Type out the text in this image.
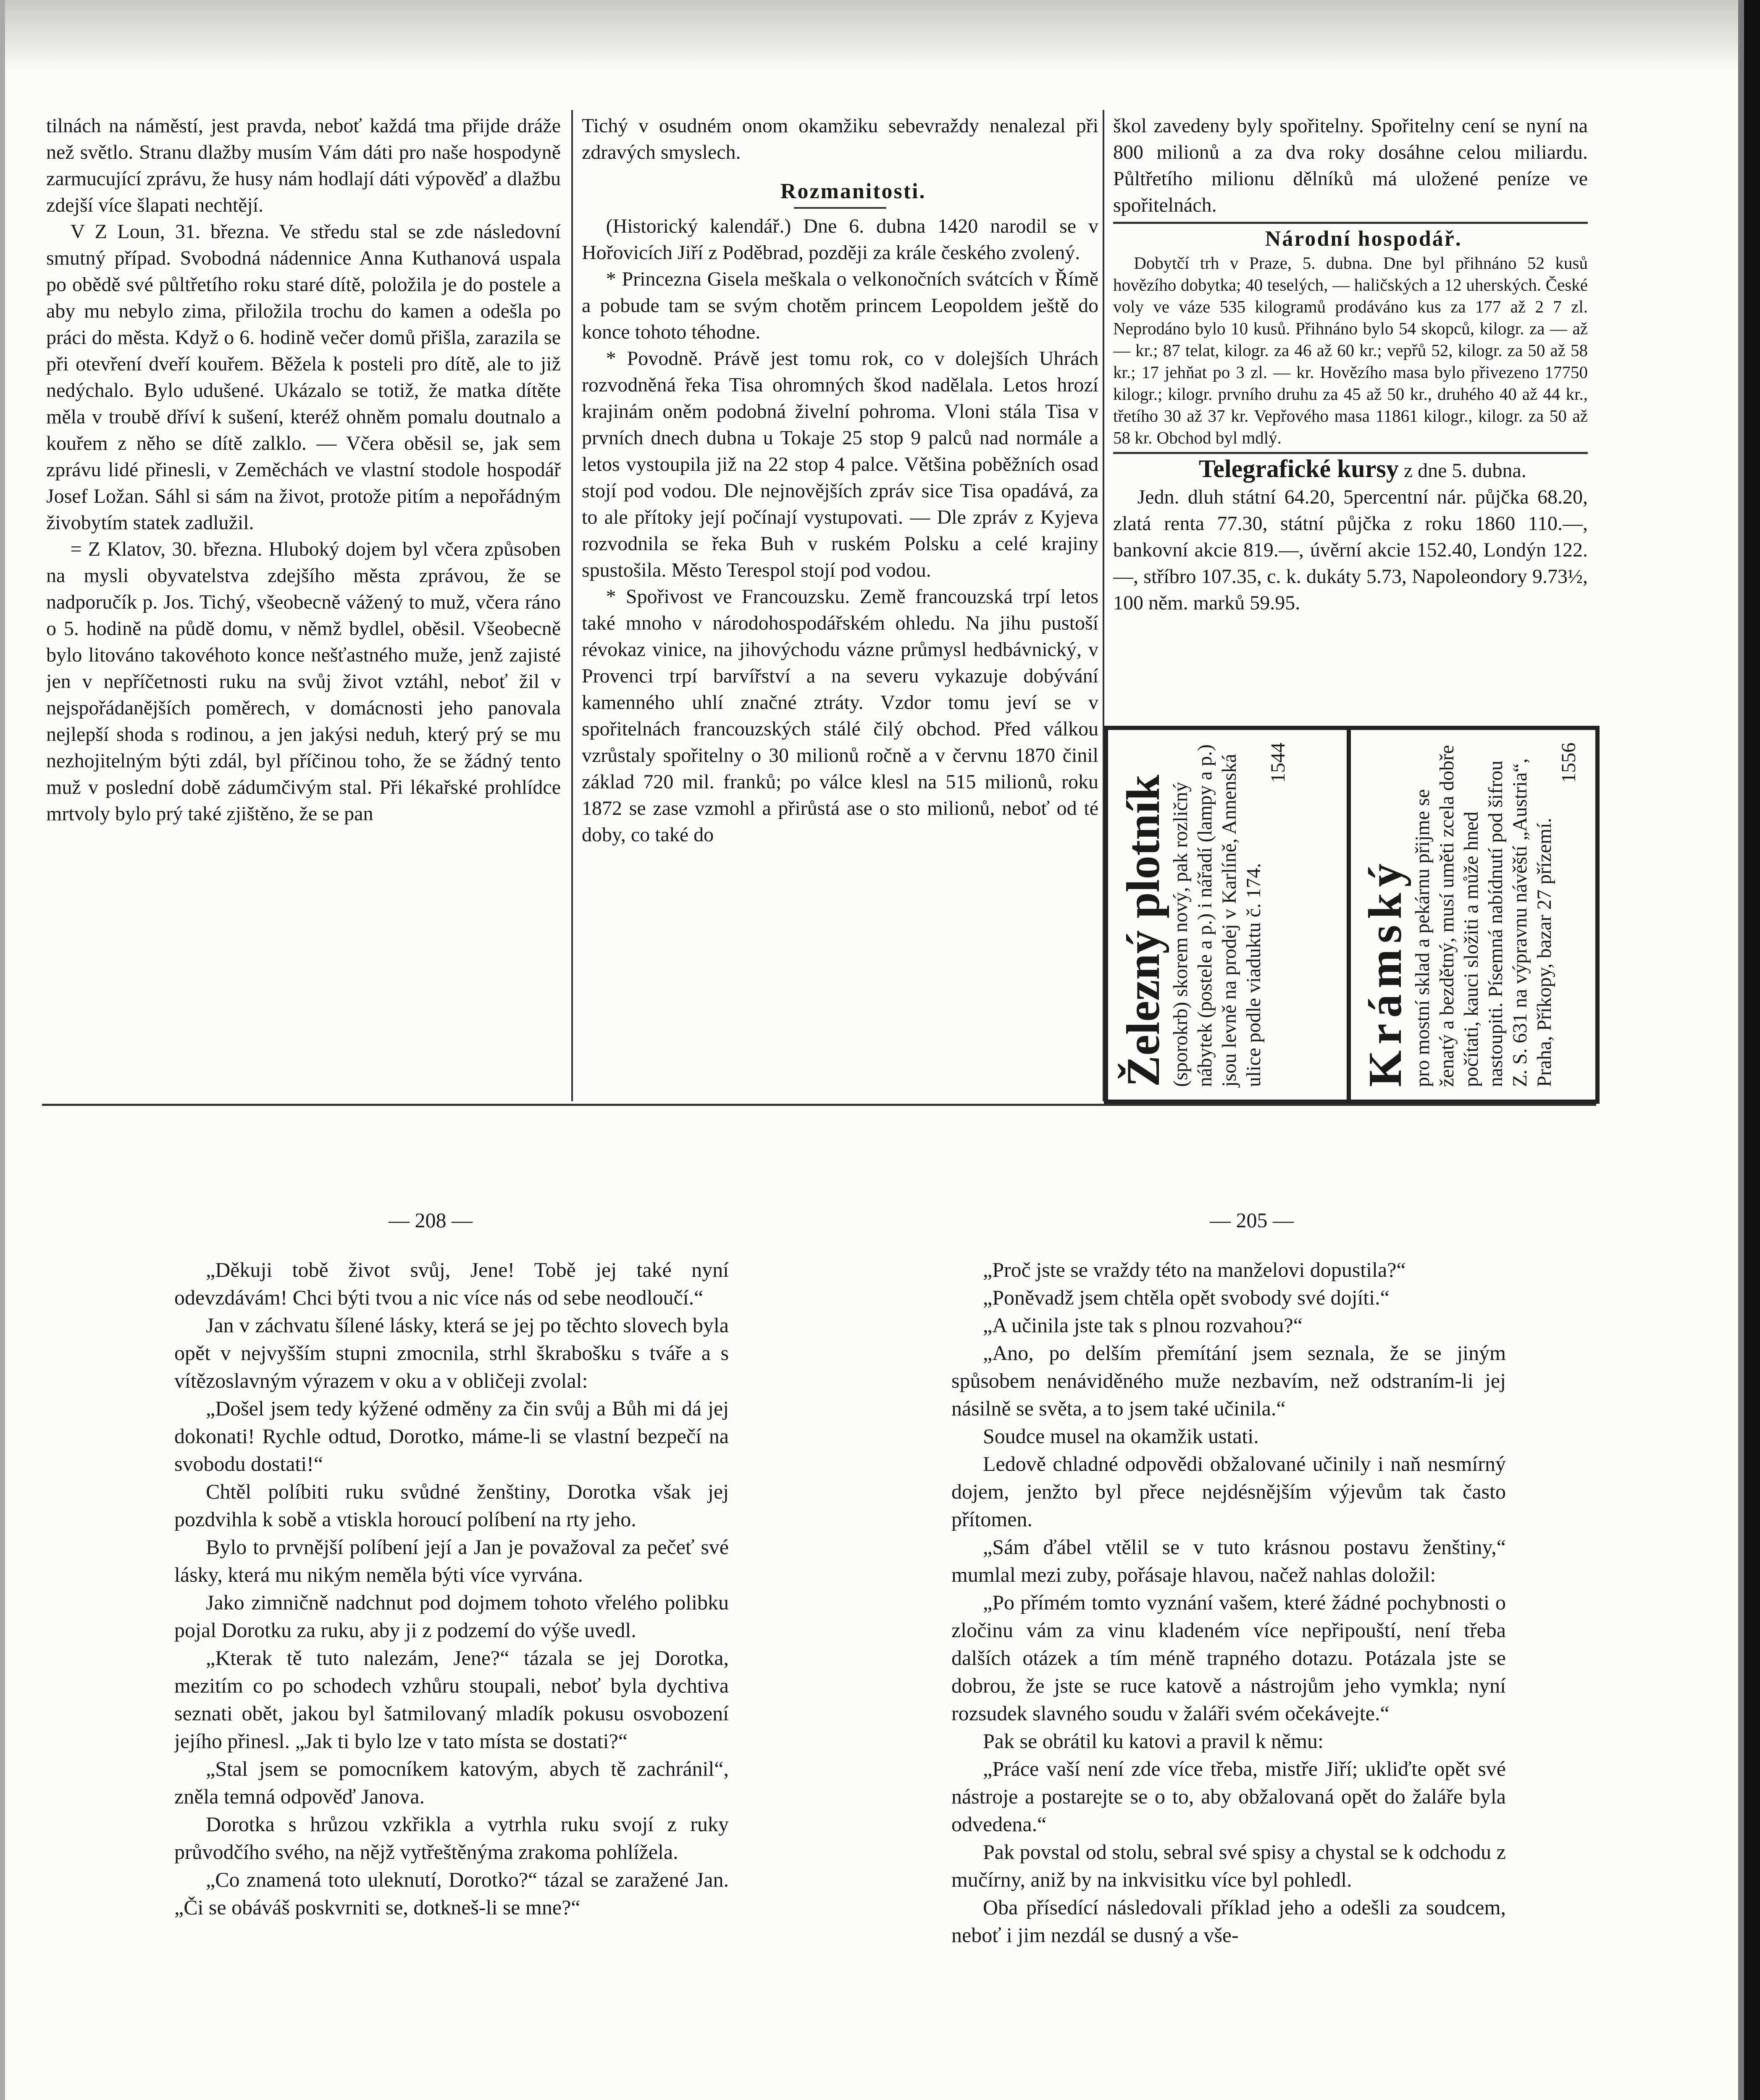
tilnách na náměstí, jest pravda, neboť každá tma přijde dráže než světlo. Stranu dlažby musím Vám dáti pro naše hospodyně zarmucující zprávu, že husy nám hodlají dáti výpověď a dlažbu zdejší více šlapati nechtějí.

V Z Loun, 31. března. Ve středu stal se zde následovní smutný případ. Svobodná nádennice Anna Kuthanová uspala po obědě své půltřetího roku staré dítě, položila je do postele a aby mu nebylo zima, přiložila trochu do kamen a odešla po práci do města. Když o 6. hodině večer domů přišla, zarazila se při otevření dveří kouřem. Běžela k posteli pro dítě, ale to již nedýchalo. Bylo udušené. Ukázalo se totiž, že matka dítěte měla v troubě dříví k sušení, kteréž ohněm pomalu doutnalo a kouřem z něho se dítě zalklo. — Včera oběsil se, jak sem zprávu lidé přinesli, v Zeměchách ve vlastní stodole hospodář Josef Ložan. Sáhl si sám na život, protože pitím a nepořádným živobytím statek zadlužil.

= Z Klatov, 30. března. Hluboký dojem byl včera způsoben na mysli obyvatelstva zdejšího města zprávou, že se nadporučík p. Jos. Tichý, všeobecně vážený to muž, včera ráno o 5. hodině na půdě domu, v němž bydlel, oběsil. Všeobecně bylo litováno takovéhoto konce nešťastného muže, jenž zajisté jen v nepříčetnosti ruku na svůj život vztáhl, neboť žil v nejspořádanějších poměrech, v domácnosti jeho panovala nejlepší shoda s rodinou, a jen jakýsi neduh, který prý se mu nezhojitelným býti zdál, byl příčinou toho, že se žádný tento muž v poslední době zádumčivým stal. Při lékařské prohlídce mrtvoly bylo prý také zjištěno, že se pan

Tichý v osudném onom okamžiku sebevraždy nenalezal při zdravých smyslech.

Rozmanitosti.

(Historický kalendář.) Dne 6. dubna 1420 narodil se v Hořovicích Jiří z Poděbrad, později za krále českého zvolený.

* Princezna Gisela meškala o velkonočních svátcích v Římě a pobude tam se svým chotěm princem Leopoldem ještě do konce tohoto téhodne.

* Povodně. Právě jest tomu rok, co v dolejších Uhrách rozvodněná řeka Tisa ohromných škod nadělala. Letos hrozí krajinám oněm podobná živelní pohroma. Vloni stála Tisa v prvních dnech dubna u Tokaje 25 stop 9 palců nad normále a letos vystoupila již na 22 stop 4 palce. Většina poběžních osad stojí pod vodou. Dle nejnovějších zpráv sice Tisa opadává, za to ale přítoky její počínají vystupovati. — Dle zpráv z Kyjeva rozvodnila se řeka Buh v ruském Polsku a celé krajiny spustošila. Město Terespol stojí pod vodou.

* Spořivost ve Francouzsku. Země francouzská trpí letos také mnoho v národohospodářském ohledu. Na jihu pustoší révokaz vinice, na jihovýchodu vázne průmysl hedbávnický, v Provenci trpí barvířství a na severu vykazuje dobývání kamenného uhlí značné ztráty. Vzdor tomu jeví se v spořitelnách francouzských stálé čilý obchod. Před válkou vzrůstaly spořitelny o 30 milionů ročně a v červnu 1870 činil základ 720 mil. franků; po válce klesl na 515 milionů, roku 1872 se zase vzmohl a přirůstá ase o sto milionů, neboť od té doby, co také do

škol zavedeny byly spořitelny. Spořitelny cení se nyní na 800 milionů a za dva roky dosáhne celou miliardu. Půltřetího milionu dělníků má uložené peníze ve spořitelnách.

Národní hospodář.

Dobytčí trh v Praze, 5. dubna. Dne byl přihnáno 52 kusů hovězího dobytka; 40 teselých, — haličských a 12 uherských. České voly ve váze 535 kilogramů prodáváno kus za 177 až 2 7 zl. Neprodáno bylo 10 kusů. Přihnáno bylo 54 skopců, kilogr. za — až — kr.; 87 telat, kilogr. za 46 až 60 kr.; vepřů 52, kilogr. za 50 až 58 kr.; 17 jehňat po 3 zl. — kr. Hovězího masa bylo přivezeno 17750 kilogr.; kilogr. prvního druhu za 45 až 50 kr., druhého 40 až 44 kr., třetího 30 až 37 kr. Vepřového masa 11861 kilogr., kilogr. za 50 až 58 kr. Obchod byl mdlý.

Telegrafické kursy z dne 5. dubna.

Jedn. dluh státní 64.20, 5percentní nár. půjčka 68.20, zlatá renta 77.30, státní půjčka z roku 1860 110.—, bankovní akcie 819.—, úvěrní akcie 152.40, Londýn 122.—, stříbro 107.35, c. k. dukáty 5.73, Napoleondory 9.73½, 100 něm. marků 59.95.

Železný plotník (sporokrb) skorem nový, pak rozličný nábytek (postele a p.) i nářadí (lampy a p.) jsou levně na prodej v Karlíně, Annenská ulice podle viaduktu č. 174.
1544
Krámský pro mostní sklad a pekárnu přijme se ženatý a bezdětný, musí uměti zcela dobře počítati, kauci složiti a může hned nastoupiti. Písemná nabídnutí pod šifrou Z. S. 631 na výpravnu návěští „Austria“, Praha, Příkopy, bazar 27 přízemí.
1556
— 208 —	— 205 —

„Děkuji tobě život svůj, Jene! Tobě jej také nyní odevzdávám! Chci býti tvou a nic více nás od sebe neodloučí.“

Jan v záchvatu šílené lásky, která se jej po těchto slovech byla opět v nejvyšším stupni zmocnila, strhl škrabošku s tváře a s vítězoslavným výrazem v oku a v obličeji zvolal:

„Došel jsem tedy kýžené odměny za čin svůj a Bůh mi dá jej dokonati! Rychle odtud, Dorotko, máme-li se vlastní bezpečí na svobodu dostati!“

Chtěl políbiti ruku svůdné ženštiny, Dorotka však jej pozdvihla k sobě a vtiskla horoucí políbení na rty jeho.

Bylo to prvnější políbení její a Jan je považoval za pečeť své lásky, která mu nikým neměla býti více vyrvána.

Jako zimničně nadchnut pod dojmem tohoto vřelého polibku pojal Dorotku za ruku, aby ji z podzemí do výše uvedl.

„Kterak tě tuto nalezám, Jene?“ tázala se jej Dorotka, mezitím co po schodech vzhůru stoupali, neboť byla dychtiva seznati obět, jakou byl šatmilovaný mladík pokusu osvobození jejího přinesl. „Jak ti bylo lze v tato místa se dostati?“

„Stal jsem se pomocníkem katovým, abych tě zachránil“, zněla temná odpověď Janova.

Dorotka s hrůzou vzkřikla a vytrhla ruku svojí z ruky průvodčího svého, na nějž vytřeštěnýma zrakoma pohlížela.

„Co znamená toto uleknutí, Dorotko?“ tázal se zaražené Jan. „Či se obáváš poskvrniti se, dotkneš-li se mne?“

„Proč jste se vraždy této na manželovi dopustila?“

„Poněvadž jsem chtěla opět svobody své dojíti.“

„A učinila jste tak s plnou rozvahou?“

„Ano, po delším přemítání jsem seznala, že se jiným spůsobem nenáviděného muže nezbavím, než odstraním-li jej násilně se světa, a to jsem také učinila.“

Soudce musel na okamžik ustati.

Ledově chladné odpovědi obžalované učinily i naň nesmírný dojem, jenžto byl přece nejdésnějším výjevům tak často přítomen.

„Sám ďábel vtělil se v tuto krásnou postavu ženštiny,“ mumlal mezi zuby, pořásaje hlavou, načež nahlas doložil:

„Po přímém tomto vyznání vašem, které žádné pochybnosti o zločinu vám za vinu kladeném více nepřipouští, není třeba dalších otázek a tím méně trapného dotazu. Potázala jste se dobrou, že jste se ruce katově a nástrojům jeho vymkla; nyní rozsudek slavného soudu v žaláři svém očekávejte.“

Pak se obrátil ku katovi a pravil k němu:

„Práce vaší není zde více třeba, mistře Jiří; ukliďte opět své nástroje a postarejte se o to, aby obžalovaná opět do žaláře byla odvedena.“

Pak povstal od stolu, sebral své spisy a chystal se k odchodu z mučírny, aniž by na inkvisitku více byl pohledl.

Oba přísedící následovali příklad jeho a odešli za soudcem, neboť i jim nezdál se dusný a vše-
